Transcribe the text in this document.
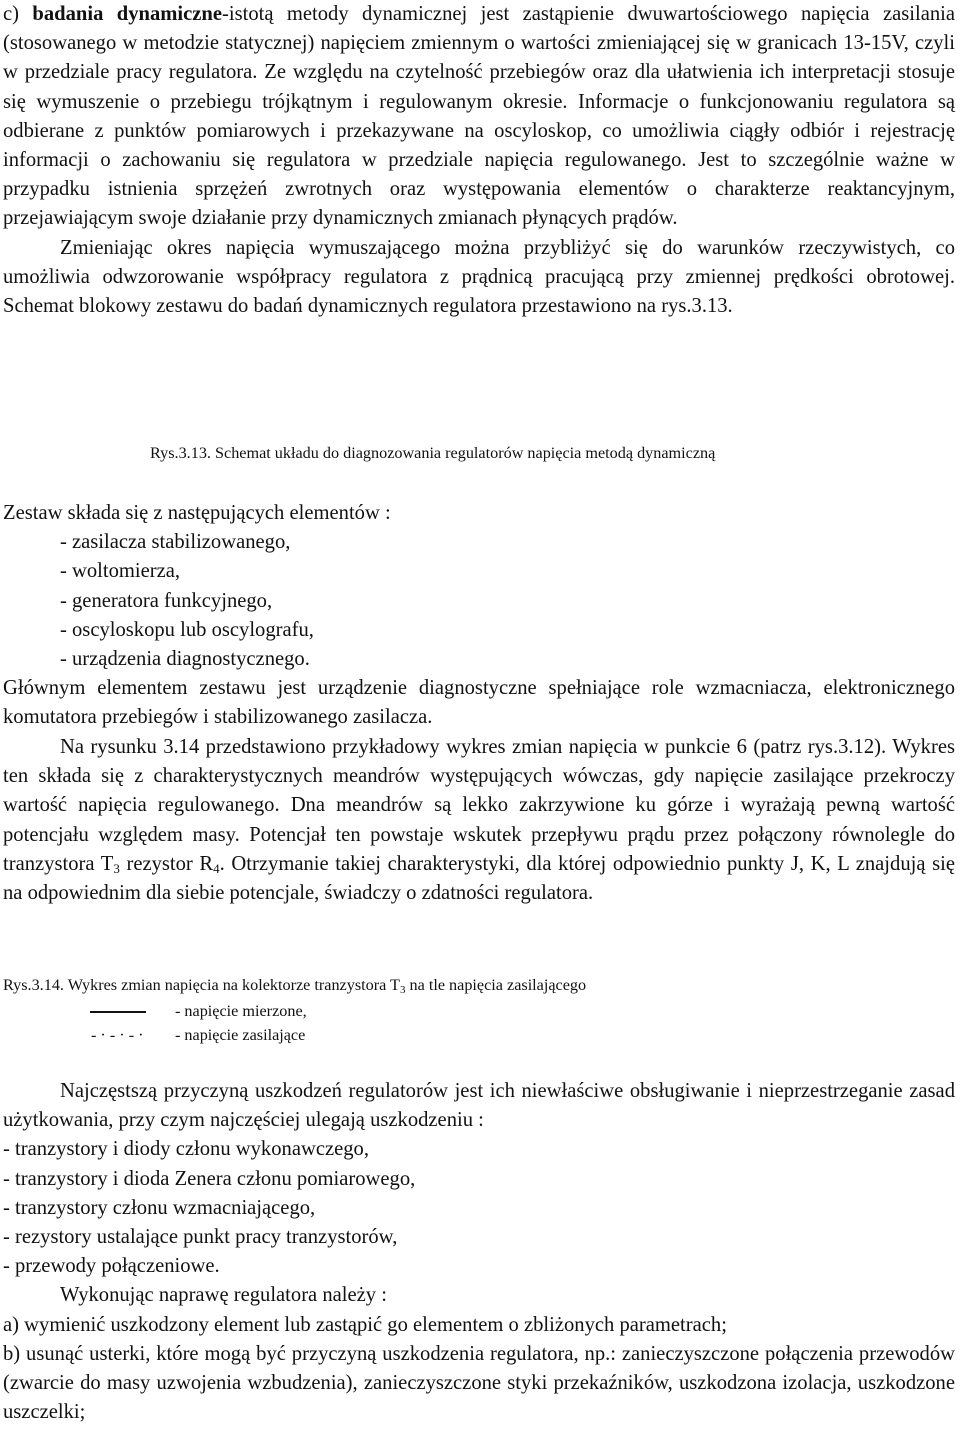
c) badania dynamiczne-istotą metody dynamicznej jest zastąpienie dwuwartościowego napięcia zasilania (stosowanego w metodzie statycznej) napięciem zmiennym o wartości zmieniającej się w granicach 13-15V, czyli w przedziale pracy regulatora. Ze względu na czytelność przebiegów oraz dla ułatwienia ich interpretacji stosuje się wymuszenie o przebiegu trójkątnym i regulowanym okresie. Informacje o funkcjonowaniu regulatora są odbierane z punktów pomiarowych i przekazywane na oscyloskop, co umożliwia ciągły odbiór i rejestrację informacji o zachowaniu się regulatora w przedziale napięcia regulowanego. Jest to szczególnie ważne w przypadku istnienia sprzężeń zwrotnych oraz występowania elementów o charakterze reaktancyjnym, przejawiającym swoje działanie przy dynamicznych zmianach płynących prądów.

Zmieniając okres napięcia wymuszającego można przybliżyć się do warunków rzeczywistych, co umożliwia odwzorowanie współpracy regulatora z prądnicą pracującą przy zmiennej prędkości obrotowej. Schemat blokowy zestawu do badań dynamicznych regulatora przestawiono na rys.3.13.

Rys.3.13. Schemat układu do diagnozowania regulatorów napięcia metodą dynamiczną

Zestaw składa się z następujących elementów :

- zasilacza stabilizowanego,

- woltomierza,

- generatora funkcyjnego,

- oscyloskopu lub oscylografu,

- urządzenia diagnostycznego.

Głównym elementem zestawu jest urządzenie diagnostyczne spełniające role wzmacniacza, elektronicznego komutatora przebiegów i stabilizowanego zasilacza.

Na rysunku 3.14 przedstawiono przykładowy wykres zmian napięcia w punkcie 6 (patrz rys.3.12). Wykres ten składa się z charakterystycznych meandrów występujących wówczas, gdy napięcie zasilające przekroczy wartość napięcia regulowanego. Dna meandrów są lekko zakrzywione ku górze i wyrażają pewną wartość potencjału względem masy. Potencjał ten powstaje wskutek przepływu prądu przez połączony równolegle do tranzystora $T_3$ rezystor $R_4$. Otrzymanie takiej charakterystyki, dla której odpowiednio punkty J, K, L znajdują się na odpowiednim dla siebie potencjale, świadczy o zdatności regulatora.

Rys.3.14. Wykres zmian napięcia na kolektorze tranzystora $T_3$ na tle napięcia zasilającego

- napięcie mierzone,
- · - · - · - napięcie zasilające

Najczęstszą przyczyną uszkodzeń regulatorów jest ich niewłaściwe obsługiwanie i nieprzestrzeganie zasad użytkowania, przy czym najczęściej ulegają uszkodzeniu :

- tranzystory i diody członu wykonawczego,

- tranzystory i dioda Zenera członu pomiarowego,

- tranzystory członu wzmacniającego,

- rezystory ustalające punkt pracy tranzystorów,

- przewody połączeniowe.

Wykonując naprawę regulatora należy :

a) wymienić uszkodzony element lub zastąpić go elementem o zbliżonych parametrach;

b) usunąć usterki, które mogą być przyczyną uszkodzenia regulatora, np.: zanieczyszczone połączenia przewodów (zwarcie do masy uzwojenia wzbudzenia), zanieczyszczone styki przekaźników, uszkodzona izolacja, uszkodzone uszczelki;
